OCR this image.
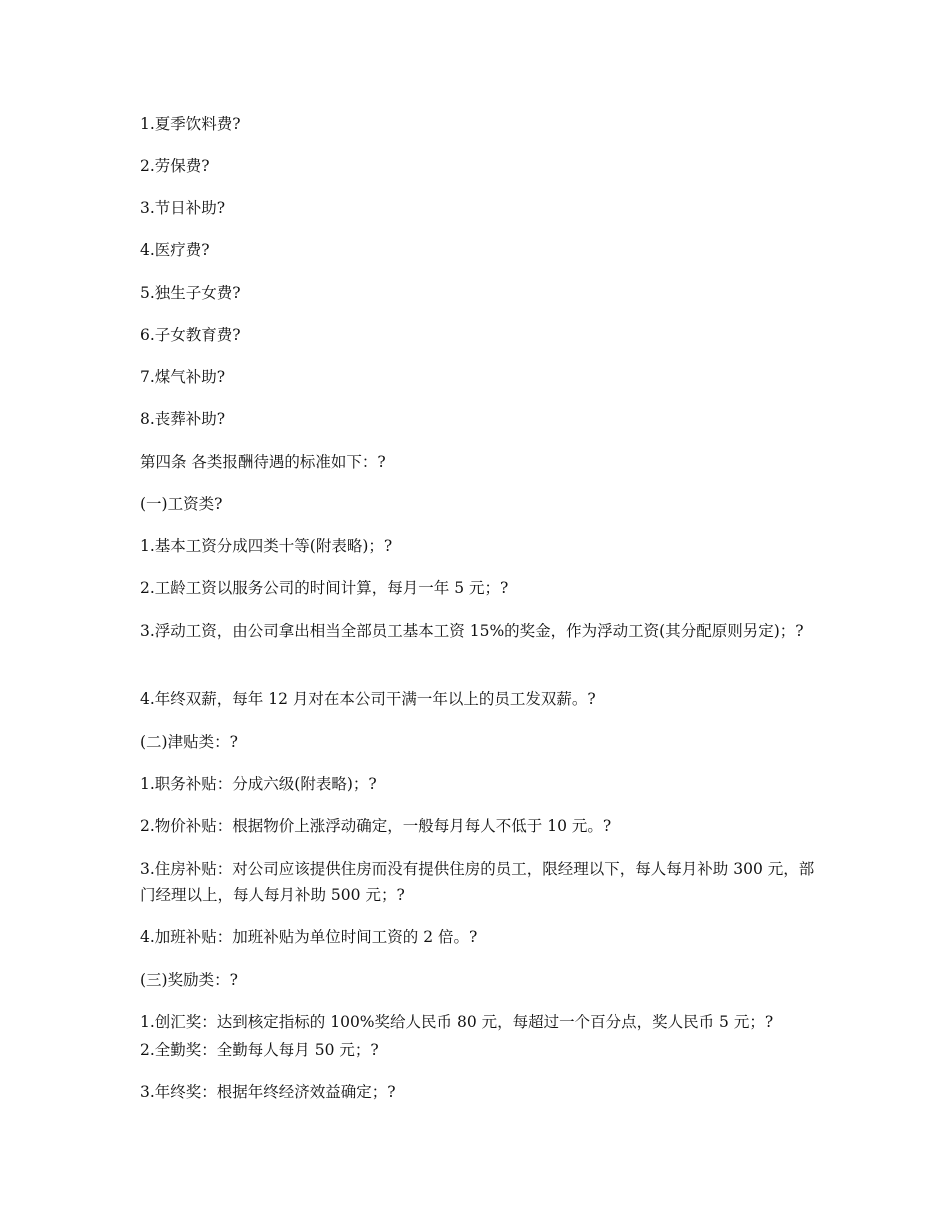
1.夏季饮料费?
2.劳保费?
3.节日补助?
4.医疗费?
5.独生子女费?
6.子女教育费?
7.煤气补助?
8.丧葬补助?
第四条 各类报酬待遇的标准如下：?
(一)工资类?
1.基本工资分成四类十等(附表略)；?
2.工龄工资以服务公司的时间计算，每月一年 5 元；?
3.浮动工资，由公司拿出相当全部员工基本工资 15%的奖金，作为浮动工资(其分配原则另定)；?
4.年终双薪，每年 12 月对在本公司干满一年以上的员工发双薪。?
(二)津贴类：?
1.职务补贴：分成六级(附表略)；?
2.物价补贴：根据物价上涨浮动确定，一般每月每人不低于 10 元。?
3.住房补贴：对公司应该提供住房而没有提供住房的员工，限经理以下，每人每月补助 300 元，部门经理以上，每人每月补助 500 元；?
4.加班补贴：加班补贴为单位时间工资的 2 倍。?
(三)奖励类：?
1.创汇奖：达到核定指标的 100%奖给人民币 80 元，每超过一个百分点，奖人民币 5 元；?
2.全勤奖：全勤每人每月 50 元；?
3.年终奖：根据年终经济效益确定；?
